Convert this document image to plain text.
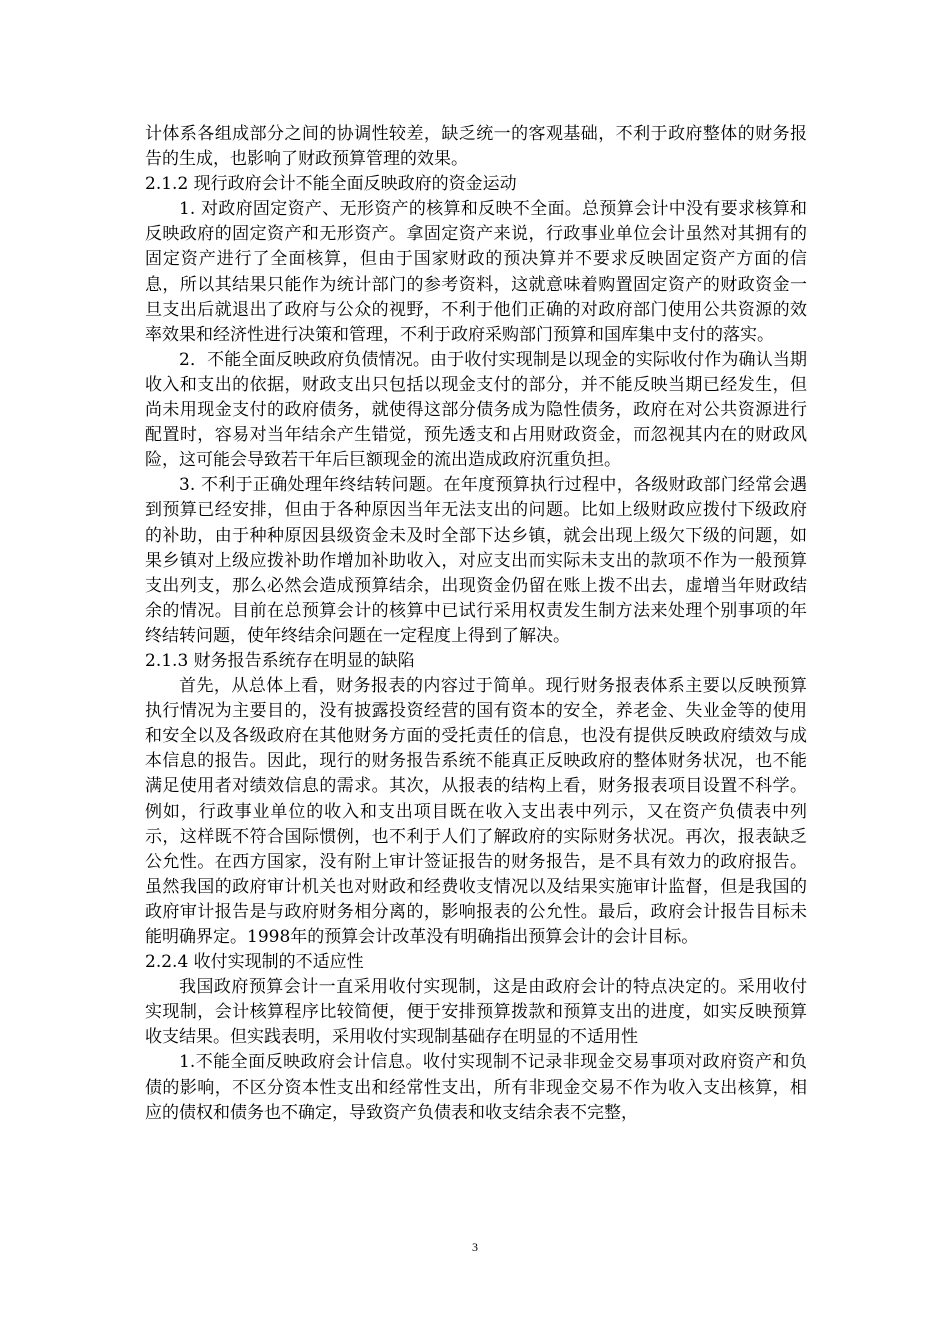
计体系各组成部分之间的协调性较差，缺乏统一的客观基础，不利于政府整体的财务报告的生成，也影响了财政预算管理的效果。

2.1.2 现行政府会计不能全面反映政府的资金运动

1. 对政府固定资产、无形资产的核算和反映不全面。总预算会计中没有要求核算和反映政府的固定资产和无形资产。拿固定资产来说，行政事业单位会计虽然对其拥有的固定资产进行了全面核算，但由于国家财政的预决算并不要求反映固定资产方面的信息，所以其结果只能作为统计部门的参考资料，这就意味着购置固定资产的财政资金一旦支出后就退出了政府与公众的视野，不利于他们正确的对政府部门使用公共资源的效率效果和经济性进行决策和管理，不利于政府采购部门预算和国库集中支付的落实。

2．不能全面反映政府负债情况。由于收付实现制是以现金的实际收付作为确认当期收入和支出的依据，财政支出只包括以现金支付的部分，并不能反映当期已经发生，但尚未用现金支付的政府债务，就使得这部分债务成为隐性债务，政府在对公共资源进行配置时，容易对当年结余产生错觉，预先透支和占用财政资金，而忽视其内在的财政风险，这可能会导致若干年后巨额现金的流出造成政府沉重负担。

3. 不利于正确处理年终结转问题。在年度预算执行过程中，各级财政部门经常会遇到预算已经安排，但由于各种原因当年无法支出的问题。比如上级财政应拨付下级政府的补助，由于种种原因县级资金未及时全部下达乡镇，就会出现上级欠下级的问题，如果乡镇对上级应拨补助作增加补助收入，对应支出而实际未支出的款项不作为一般预算支出列支，那么必然会造成预算结余，出现资金仍留在账上拨不出去，虚增当年财政结余的情况。目前在总预算会计的核算中已试行采用权责发生制方法来处理个别事项的年终结转问题，使年终结余问题在一定程度上得到了解决。

2.1.3 财务报告系统存在明显的缺陷

首先，从总体上看，财务报表的内容过于简单。现行财务报表体系主要以反映预算执行情况为主要目的，没有披露投资经营的国有资本的安全，养老金、失业金等的使用和安全以及各级政府在其他财务方面的受托责任的信息，也没有提供反映政府绩效与成本信息的报告。因此，现行的财务报告系统不能真正反映政府的整体财务状况，也不能满足使用者对绩效信息的需求。其次，从报表的结构上看，财务报表项目设置不科学。例如，行政事业单位的收入和支出项目既在收入支出表中列示，又在资产负债表中列示，这样既不符合国际惯例，也不利于人们了解政府的实际财务状况。再次，报表缺乏公允性。在西方国家，没有附上审计签证报告的财务报告，是不具有效力的政府报告。虽然我国的政府审计机关也对财政和经费收支情况以及结果实施审计监督，但是我国的政府审计报告是与政府财务相分离的，影响报表的公允性。最后，政府会计报告目标未能明确界定。1998年的预算会计改革没有明确指出预算会计的会计目标。

2.2.4 收付实现制的不适应性

我国政府预算会计一直采用收付实现制，这是由政府会计的特点决定的。采用收付实现制，会计核算程序比较简便，便于安排预算拨款和预算支出的进度，如实反映预算收支结果。但实践表明，采用收付实现制基础存在明显的不适用性

1.不能全面反映政府会计信息。收付实现制不记录非现金交易事项对政府资产和负债的影响，不区分资本性支出和经常性支出，所有非现金交易不作为收入支出核算，相应的债权和债务也不确定，导致资产负债表和收支结余表不完整，

3
